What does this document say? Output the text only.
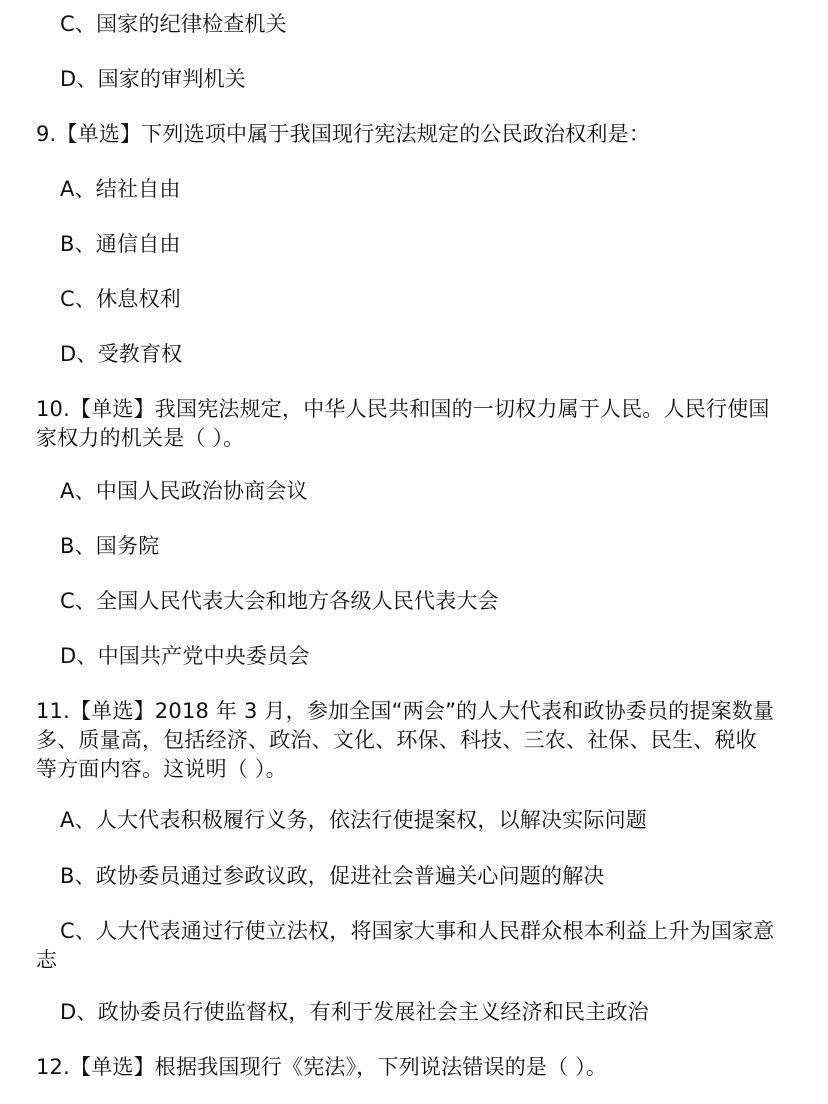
C、国家的纪律检查机关
D、国家的审判机关
9.【单选】下列选项中属于我国现行宪法规定的公民政治权利是：
A、结社自由
B、通信自由
C、休息权利
D、受教育权
10.【单选】我国宪法规定，中华人民共和国的一切权力属于人民。人民行使国家权力的机关是（ ）。
A、中国人民政治协商会议
B、国务院
C、全国人民代表大会和地方各级人民代表大会
D、中国共产党中央委员会
11.【单选】2018 年 3 月，参加全国“两会”的人大代表和政协委员的提案数量多、质量高，包括经济、政治、文化、环保、科技、三农、社保、民生、税收等方面内容。这说明（ ）。
A、人大代表积极履行义务，依法行使提案权，以解决实际问题
B、政协委员通过参政议政，促进社会普遍关心问题的解决
C、人大代表通过行使立法权，将国家大事和人民群众根本利益上升为国家意志
D、政协委员行使监督权，有利于发展社会主义经济和民主政治
12.【单选】根据我国现行《宪法》，下列说法错误的是（ ）。
